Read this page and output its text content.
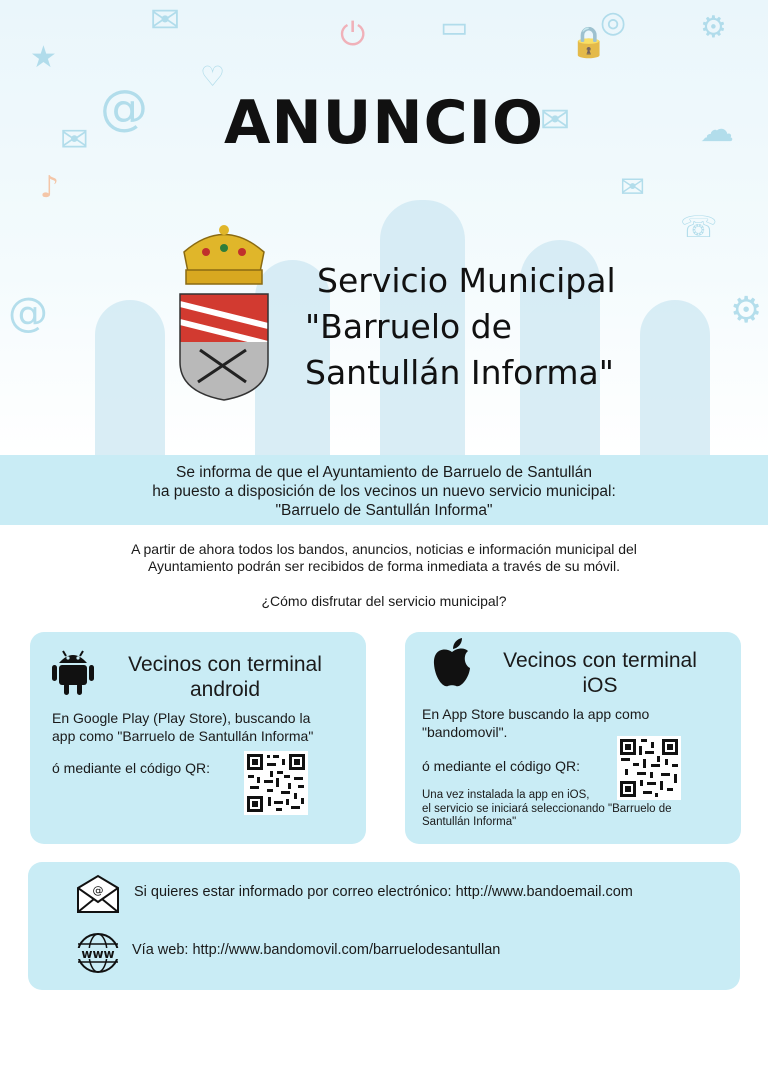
@
@
✉
✉	✉
✉
★
◎ ⚙
⚙
⏻	🔒
♪
♡
☏
▭
☁
ANUNCIO
Servicio Municipal
"Barruelo de
Santullán Informa"
Se informa de que el Ayuntamiento de Barruelo de Santullán
ha puesto a disposición de los vecinos un nuevo servicio municipal:
"Barruelo de Santullán Informa"
A partir de ahora todos los bandos, anuncios, noticias e información municipal del
Ayuntamiento podrán ser recibidos de forma inmediata a través de su móvil.
¿Cómo disfrutar del servicio municipal?
Vecinos con terminal
android

En Google Play (Play Store), buscando la
app como "Barruelo de Santullán Informa"

ó mediante el código QR:

Vecinos con terminal
iOS

En App Store buscando la app como
"bandomovil".

ó mediante el código QR:

Una vez instalada la app en iOS,
el servicio se iniciará seleccionando "Barruelo de
Santullán Informa"

@ Si quieres estar informado por correo electrónico: http://www.bandoemail.com
www Vía web: http://www.bandomovil.com/barruelodesantullan
